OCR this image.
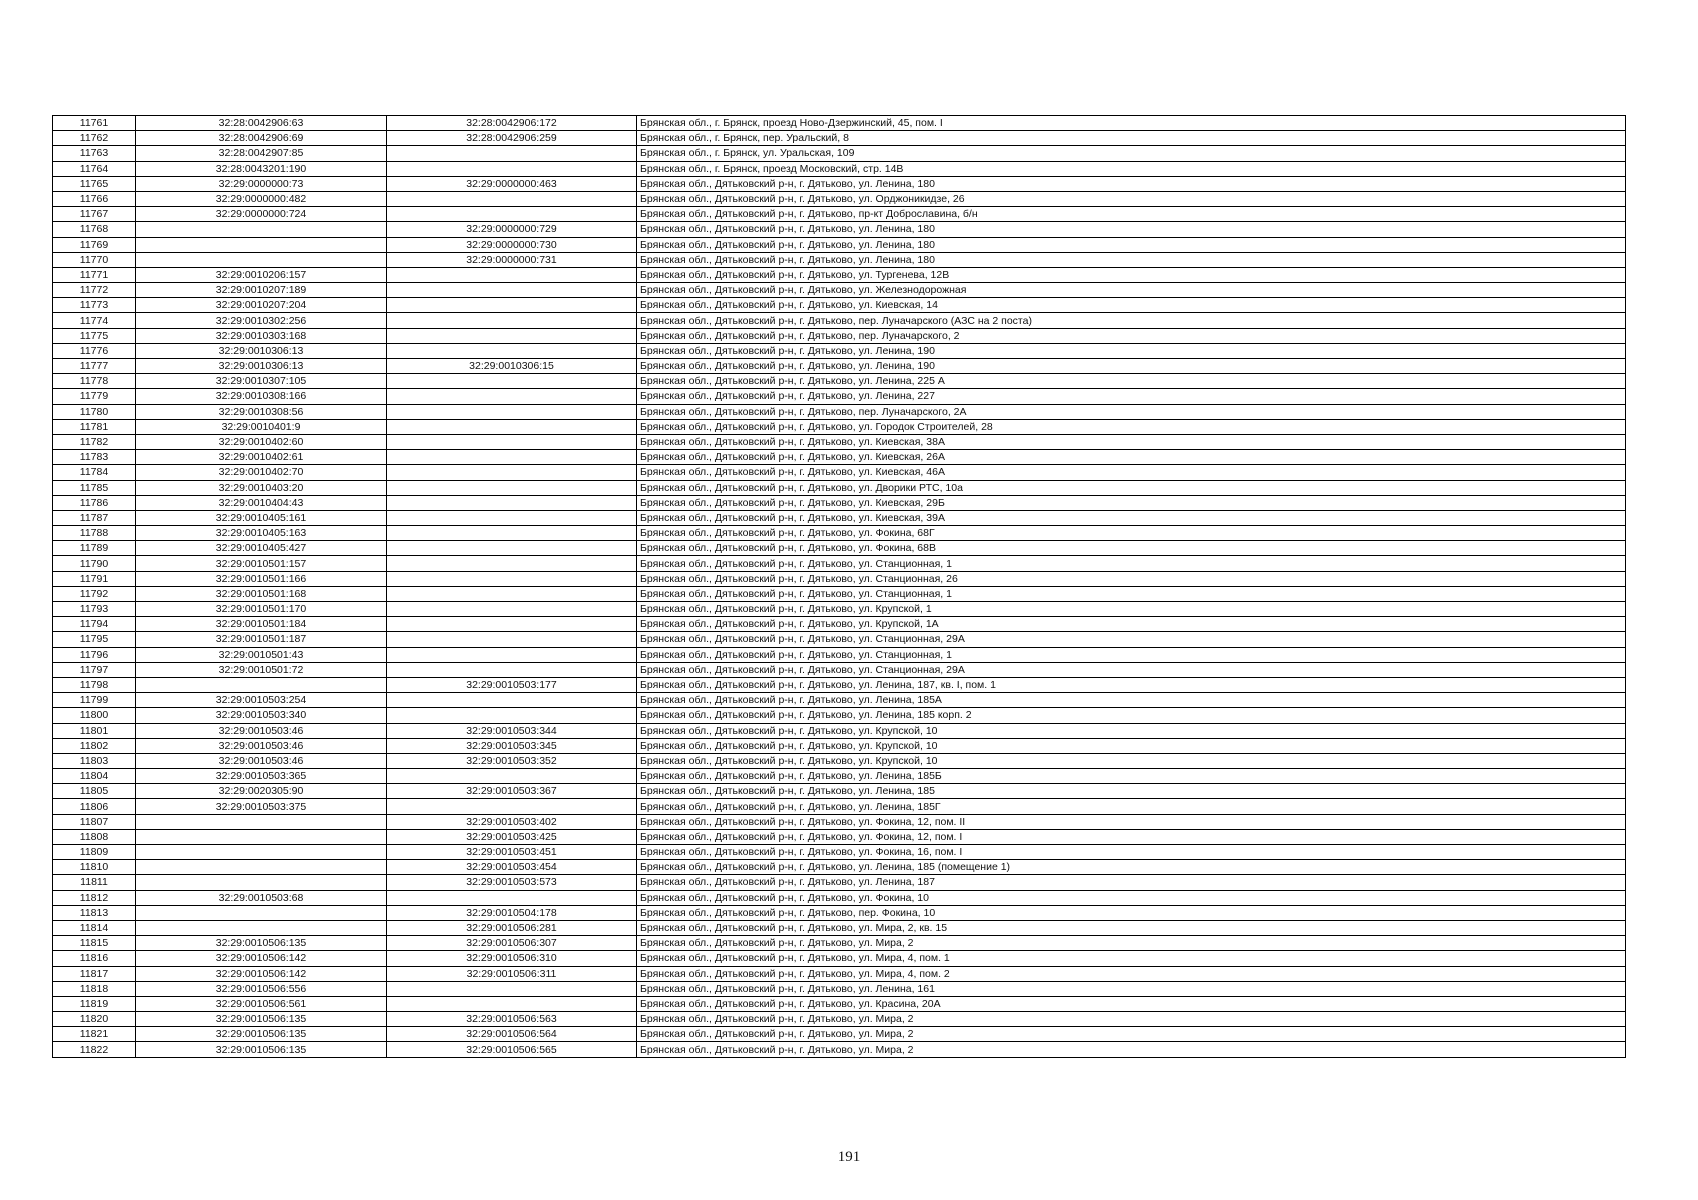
11761	32:28:0042906:63	32:28:0042906:172	Брянская обл., г. Брянск, проезд Ново-Дзержинский, 45, пом. I
11762	32:28:0042906:69	32:28:0042906:259	Брянская обл., г. Брянск, пер. Уральский, 8
11763	32:28:0042907:85		Брянская обл., г. Брянск, ул. Уральская, 109
11764	32:28:0043201:190		Брянская обл., г. Брянск, проезд Московский, стр. 14В
11765	32:29:0000000:73	32:29:0000000:463	Брянская обл., Дятьковский р-н, г. Дятьково, ул. Ленина, 180
11766	32:29:0000000:482		Брянская обл., Дятьковский р-н, г. Дятьково, ул. Орджоникидзе, 26
11767	32:29:0000000:724		Брянская обл., Дятьковский р-н, г. Дятьково, пр-кт Доброславина, б/н
11768		32:29:0000000:729	Брянская обл., Дятьковский р-н, г. Дятьково, ул. Ленина, 180
11769		32:29:0000000:730	Брянская обл., Дятьковский р-н, г. Дятьково, ул. Ленина, 180
11770		32:29:0000000:731	Брянская обл., Дятьковский р-н, г. Дятьково, ул. Ленина, 180
11771	32:29:0010206:157		Брянская обл., Дятьковский р-н, г. Дятьково, ул. Тургенева, 12В
11772	32:29:0010207:189		Брянская обл., Дятьковский р-н, г. Дятьково, ул. Железнодорожная
11773	32:29:0010207:204		Брянская обл., Дятьковский р-н, г. Дятьково, ул. Киевская, 14
11774	32:29:0010302:256		Брянская обл., Дятьковский р-н, г. Дятьково, пер. Луначарского (АЗС на 2 поста)
11775	32:29:0010303:168		Брянская обл., Дятьковский р-н, г. Дятьково, пер. Луначарского, 2
11776	32:29:0010306:13		Брянская обл., Дятьковский р-н, г. Дятьково, ул. Ленина, 190
11777	32:29:0010306:13	32:29:0010306:15	Брянская обл., Дятьковский р-н, г. Дятьково, ул. Ленина, 190
11778	32:29:0010307:105		Брянская обл., Дятьковский р-н, г. Дятьково, ул. Ленина, 225 А
11779	32:29:0010308:166		Брянская обл., Дятьковский р-н, г. Дятьково, ул. Ленина, 227
11780	32:29:0010308:56		Брянская обл., Дятьковский р-н, г. Дятьково, пер. Луначарского, 2А
11781	32:29:0010401:9		Брянская обл., Дятьковский р-н, г. Дятьково, ул. Городок Строителей, 28
11782	32:29:0010402:60		Брянская обл., Дятьковский р-н, г. Дятьково, ул. Киевская, 38А
11783	32:29:0010402:61		Брянская обл., Дятьковский р-н, г. Дятьково, ул. Киевская, 26А
11784	32:29:0010402:70		Брянская обл., Дятьковский р-н, г. Дятьково, ул. Киевская, 46А
11785	32:29:0010403:20		Брянская обл., Дятьковский р-н, г. Дятьково, ул. Дворики РТС, 10а
11786	32:29:0010404:43		Брянская обл., Дятьковский р-н, г. Дятьково, ул. Киевская, 29Б
11787	32:29:0010405:161		Брянская обл., Дятьковский р-н, г. Дятьково, ул. Киевская, 39А
11788	32:29:0010405:163		Брянская обл., Дятьковский р-н, г. Дятьково, ул. Фокина, 68Г
11789	32:29:0010405:427		Брянская обл., Дятьковский р-н, г. Дятьково, ул. Фокина, 68В
11790	32:29:0010501:157		Брянская обл., Дятьковский р-н, г. Дятьково, ул. Станционная, 1
11791	32:29:0010501:166		Брянская обл., Дятьковский р-н, г. Дятьково, ул. Станционная, 26
11792	32:29:0010501:168		Брянская обл., Дятьковский р-н, г. Дятьково, ул. Станционная, 1
11793	32:29:0010501:170		Брянская обл., Дятьковский р-н, г. Дятьково, ул. Крупской, 1
11794	32:29:0010501:184		Брянская обл., Дятьковский р-н, г. Дятьково, ул. Крупской, 1А
11795	32:29:0010501:187		Брянская обл., Дятьковский р-н, г. Дятьково, ул. Станционная, 29А
11796	32:29:0010501:43		Брянская обл., Дятьковский р-н, г. Дятьково, ул. Станционная, 1
11797	32:29:0010501:72		Брянская обл., Дятьковский р-н, г. Дятьково, ул. Станционная, 29А
11798		32:29:0010503:177	Брянская обл., Дятьковский р-н, г. Дятьково, ул. Ленина, 187, кв. I, пом. 1
11799	32:29:0010503:254		Брянская обл., Дятьковский р-н, г. Дятьково, ул. Ленина, 185А
11800	32:29:0010503:340		Брянская обл., Дятьковский р-н, г. Дятьково, ул. Ленина, 185 корп. 2
11801	32:29:0010503:46	32:29:0010503:344	Брянская обл., Дятьковский р-н, г. Дятьково, ул. Крупской, 10
11802	32:29:0010503:46	32:29:0010503:345	Брянская обл., Дятьковский р-н, г. Дятьково, ул. Крупской, 10
11803	32:29:0010503:46	32:29:0010503:352	Брянская обл., Дятьковский р-н, г. Дятьково, ул. Крупской, 10
11804	32:29:0010503:365		Брянская обл., Дятьковский р-н, г. Дятьково, ул. Ленина, 185Б
11805	32:29:0020305:90	32:29:0010503:367	Брянская обл., Дятьковский р-н, г. Дятьково, ул. Ленина, 185
11806	32:29:0010503:375		Брянская обл., Дятьковский р-н, г. Дятьково, ул. Ленина, 185Г
11807		32:29:0010503:402	Брянская обл., Дятьковский р-н, г. Дятьково, ул. Фокина, 12, пом. II
11808		32:29:0010503:425	Брянская обл., Дятьковский р-н, г. Дятьково, ул. Фокина, 12, пом. I
11809		32:29:0010503:451	Брянская обл., Дятьковский р-н, г. Дятьково, ул. Фокина, 16, пом. I
11810		32:29:0010503:454	Брянская обл., Дятьковский р-н, г. Дятьково, ул. Ленина, 185 (помещение 1)
11811		32:29:0010503:573	Брянская обл., Дятьковский р-н, г. Дятьково, ул. Ленина, 187
11812	32:29:0010503:68		Брянская обл., Дятьковский р-н, г. Дятьково, ул. Фокина, 10
11813		32:29:0010504:178	Брянская обл., Дятьковский р-н, г. Дятьково, пер. Фокина, 10
11814		32:29:0010506:281	Брянская обл., Дятьковский р-н, г. Дятьково, ул. Мира, 2, кв. 15
11815	32:29:0010506:135	32:29:0010506:307	Брянская обл., Дятьковский р-н, г. Дятьково, ул. Мира, 2
11816	32:29:0010506:142	32:29:0010506:310	Брянская обл., Дятьковский р-н, г. Дятьково, ул. Мира, 4, пом. 1
11817	32:29:0010506:142	32:29:0010506:311	Брянская обл., Дятьковский р-н, г. Дятьково, ул. Мира, 4, пом. 2
11818	32:29:0010506:556		Брянская обл., Дятьковский р-н, г. Дятьково, ул. Ленина, 161
11819	32:29:0010506:561		Брянская обл., Дятьковский р-н, г. Дятьково, ул. Красина, 20А
11820	32:29:0010506:135	32:29:0010506:563	Брянская обл., Дятьковский р-н, г. Дятьково, ул. Мира, 2
11821	32:29:0010506:135	32:29:0010506:564	Брянская обл., Дятьковский р-н, г. Дятьково, ул. Мира, 2
11822	32:29:0010506:135	32:29:0010506:565	Брянская обл., Дятьковский р-н, г. Дятьково, ул. Мира, 2
191
